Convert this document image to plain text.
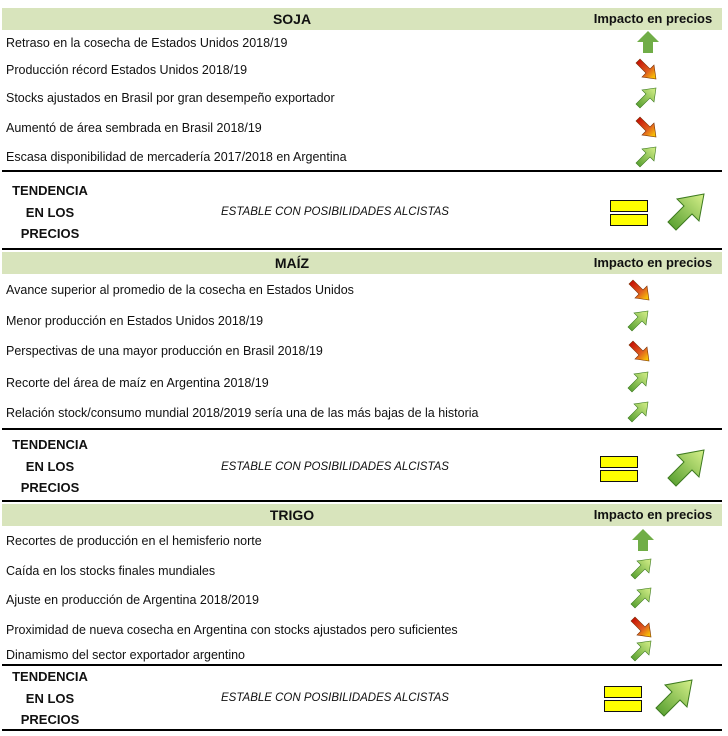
SOJA	Impacto en precios
Retraso en la cosecha de Estados Unidos 2018/19
Producción récord Estados Unidos 2018/19
Stocks ajustados en Brasil por gran desempeño exportador
Aumentó de área sembrada en Brasil 2018/19
Escasa disponibilidad de mercadería 2017/2018 en Argentina
TENDENCIA
EN LOS
PRECIOS
ESTABLE CON POSIBILIDADES ALCISTAS
MAÍZ	Impacto en precios
Avance superior al promedio de la cosecha en Estados Unidos
Menor producción en Estados Unidos 2018/19
Perspectivas de una mayor producción en Brasil 2018/19
Recorte del área de maíz en Argentina 2018/19
Relación stock/consumo mundial 2018/2019 sería una de las más bajas de la historia
TENDENCIA
EN LOS
PRECIOS
ESTABLE CON POSIBILIDADES ALCISTAS
TRIGO	Impacto en precios
Recortes de producción en el hemisferio norte
Caída en los stocks finales mundiales
Ajuste en producción de Argentina 2018/2019
Proximidad de nueva cosecha en Argentina con stocks ajustados pero suficientes
Dinamismo del sector exportador argentino
TENDENCIA
EN LOS
PRECIOS
ESTABLE CON POSIBILIDADES ALCISTAS
